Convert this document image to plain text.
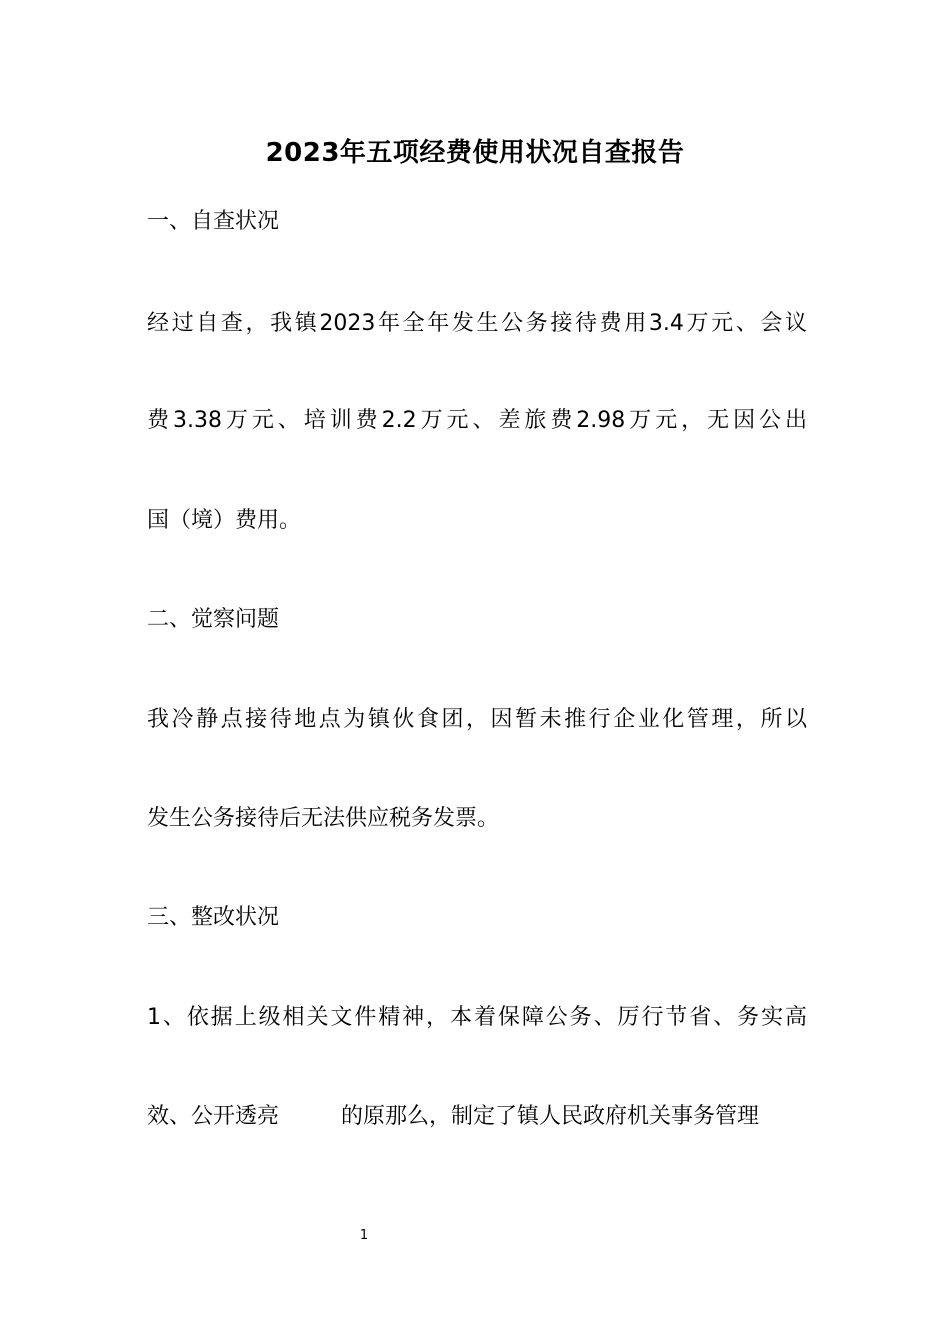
2023年五项经费使用状况自查报告
一、自查状况
经过自查，我镇2023年全年发生公务接待费用3.4万元、会议
费3.38万元、培训费2.2万元、差旅费2.98万元，无因公出
国（境）费用。
二、觉察问题
我冷静点接待地点为镇伙食团，因暂未推行企业化管理，所以
发生公务接待后无法供应税务发票。
三、整改状况
1、依据上级相关文件精神，本着保障公务、厉行节省、务实高
效、公开透亮	的原那么，制定了镇人民政府机关事务管理
1
